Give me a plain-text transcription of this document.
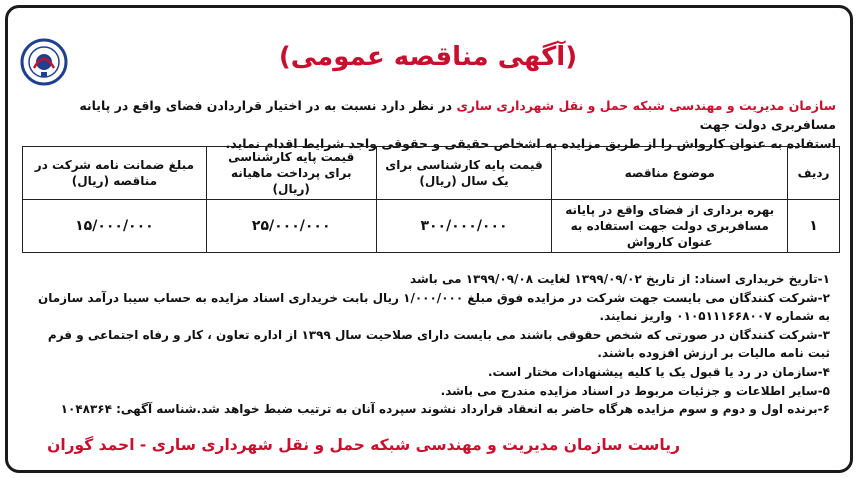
(آگهی مناقصه عمومی)
سازمان مدیریت و مهندسی شبکه حمل و نقل شهرداری ساری در نظر دارد نسبت به در اختیار قراردادن فضای واقع در پایانه مسافربری دولت جهت
استفاده به عنوان کارواش را از طریق مزایده به اشخاص حقیقی و حقوقی واجد شرایط اقدام نماید.
ردیف	موضوع مناقصه	قیمت پایه کارشناسی برای یک سال (ریال)	قیمت پایه کارشناسی برای پرداخت ماهیانه (ریال)	مبلغ ضمانت نامه شرکت در مناقصه (ریال)
۱	بهره برداری از فضای واقع در پایانه مسافربری دولت جهت استفاده به عنوان کارواش	۳۰۰/۰۰۰/۰۰۰	۲۵/۰۰۰/۰۰۰	۱۵/۰۰۰/۰۰۰

۱-تاریخ خریداری اسناد: از تاریخ ۱۳۹۹/۰۹/۰۲ لغایت ۱۳۹۹/۰۹/۰۸ می باشد

۲-شرکت کنندگان می بایست جهت شرکت در مزایده فوق مبلغ ۱/۰۰۰/۰۰۰ ریال بابت خریداری اسناد مزایده به حساب سیبا درآمد سازمان به شماره ۰۱۰۵۱۱۱۶۶۸۰۰۷ واریز نمایند.

۳-شرکت کنندگان در صورتی که شخص حقوقی باشند می بایست دارای صلاحیت سال ۱۳۹۹ از اداره تعاون ، کار و رفاه اجتماعی و فرم ثبت نامه مالیات بر ارزش افزوده باشند.

۴-سازمان در رد یا قبول یک یا کلیه پیشنهادات مختار است.

۵-سایر اطلاعات و جزئیات مربوط در اسناد مزایده مندرج می باشد.

۶-برنده اول و دوم و سوم مزایده هرگاه حاضر به انعقاد قرارداد نشوند سپرده آنان به ترتیب ضبط خواهد شد.شناسه آگهی: ۱۰۴۸۳۶۴

ریاست سازمان مدیریت و مهندسی شبکه حمل و نقل شهرداری ساری - احمد گوران
